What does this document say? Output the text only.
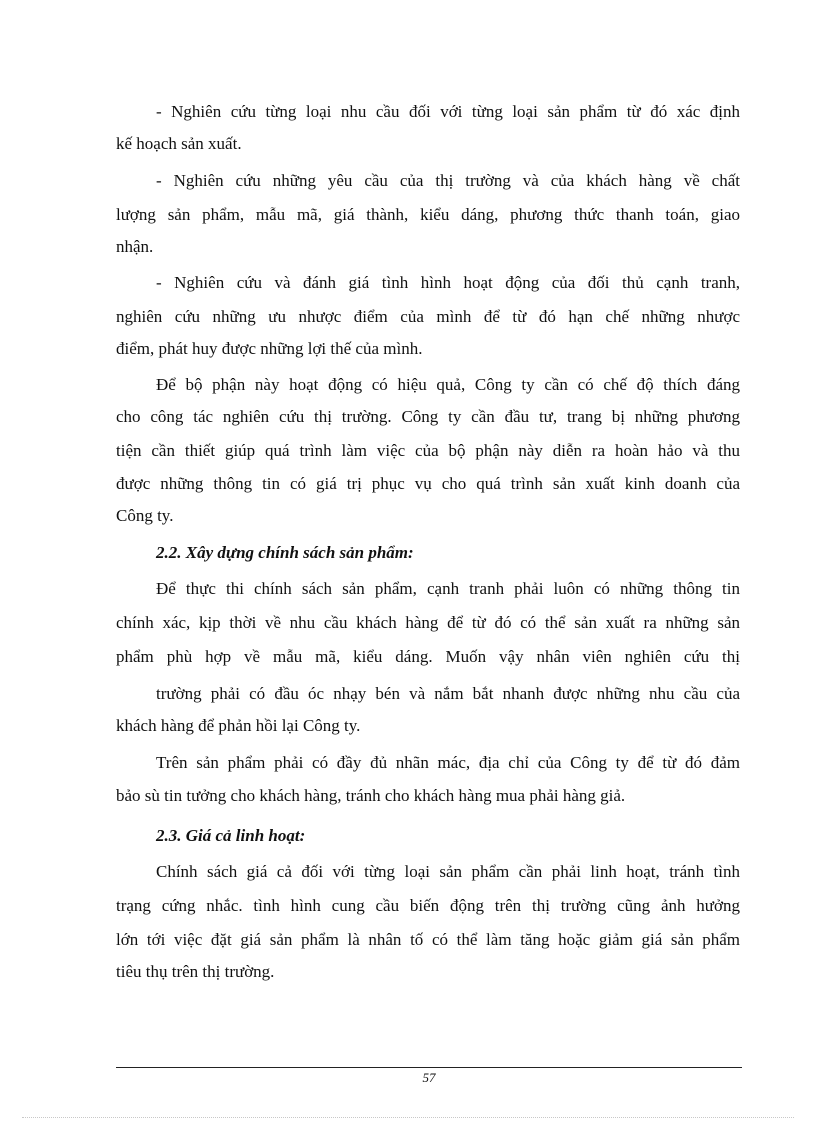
- Nghiên cứu từng loại nhu cầu đối với từng loại sản phẩm từ đó xác định

kế hoạch sản xuất.

- Nghiên cứu những yêu cầu của thị trường và của khách hàng về chất

lượng sản phẩm, mẫu mã, giá thành, kiểu dáng, phương thức thanh toán, giao

nhận.

- Nghiên cứu và đánh giá tình hình hoạt động của đối thủ cạnh tranh,

nghiên cứu những ưu nhược điểm của mình để từ đó hạn chế những nhược

điểm, phát huy được những lợi thế của mình.

Để bộ phận này hoạt động có hiệu quả, Công ty cần có chế độ thích đáng

cho công tác nghiên cứu thị trường. Công ty cần đầu tư, trang bị những phương

tiện cần thiết giúp quá trình làm việc của bộ phận này diễn ra hoàn hảo và thu

được những thông tin có giá trị phục vụ cho quá trình sản xuất kinh doanh của

Công ty.

2.2. Xây dựng chính sách sản phẩm:

Để thực thi chính sách sản phẩm, cạnh tranh phải luôn có những thông tin

chính xác, kịp thời về nhu cầu khách hàng để từ đó có thể sản xuất ra những sản

phẩm phù hợp về mẫu mã, kiểu dáng. Muốn vậy nhân viên nghiên cứu thị

trường phải có đầu óc nhạy bén và nắm bắt nhanh được những nhu cầu của

khách hàng để phản hồi lại Công ty.

Trên sản phẩm phải có đầy đủ nhãn mác, địa chỉ của Công ty để từ đó đảm

bảo sù tin tưởng cho khách hàng, tránh cho khách hàng mua phải hàng giả.

2.3. Giá cả linh hoạt:

Chính sách giá cả đối với từng loại sản phẩm cần phải linh hoạt, tránh tình

trạng cứng nhắc. tình hình cung cầu biến động trên thị trường cũng ảnh hưởng

lớn tới việc đặt giá sản phẩm là nhân tố có thể làm tăng hoặc giảm giá sản phẩm

tiêu thụ trên thị trường.

57
